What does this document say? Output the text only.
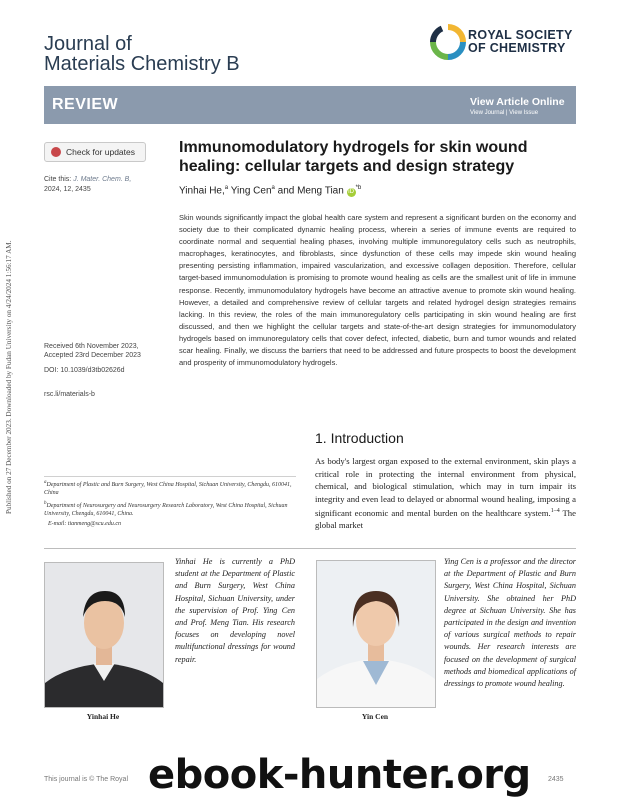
Published on 27 December 2023. Downloaded by Fudan University on 4/24/2024 1:56:17 AM.
Journal of
Materials Chemistry B
ROYAL SOCIETY
OF CHEMISTRY
REVIEW	View Article Online
View Journal | View Issue
Check for updates
Cite this: J. Mater. Chem. B,
2024, 12, 2435
Immunomodulatory hydrogels for skin wound healing: cellular targets and design strategy
Yinhai He,$^a$ Ying Cen$^a$ and Meng Tian $iD^{*b}$
Skin wounds significantly impact the global health care system and represent a significant burden on the economy and society due to their complicated dynamic healing process, wherein a series of immune events are required to coordinate normal and sequential healing phases, involving multiple immunoregulatory cells such as neutrophils, macrophages, keratinocytes, and fibroblasts, since dysfunction of these cells may impede skin wound healing presenting persisting inflammation, impaired vascularization, and excessive collagen deposition. Therefore, cellular target-based immunomodulation is promising to promote wound healing as cells are the smallest unit of life in immune response. Recently, immunomodulatory hydrogels have become an attractive avenue to promote skin wound healing. However, a detailed and comprehensive review of cellular targets and related hydrogel design strategies remains lacking. In this review, the roles of the main immunoregulatory cells participating in skin wound healing are first discussed, and then we highlight the cellular targets and state-of-the-art design strategies for immunomodulatory hydrogels based on immunoregulatory cells that cover defect, infected, diabetic, burn and tumor wounds and related scar healing. Finally, we discuss the barriers that need to be addressed and future prospects to boost the development and prosperity of immunomodulatory hydrogels.
Received 6th November 2023,
Accepted 23rd December 2023
DOI: 10.1039/d3tb02626d
rsc.li/materials-b
1. Introduction
As body's largest organ exposed to the external environment, skin plays a critical role in protecting the internal environment from physical, chemical, and biological stimulation, which may in turn impair its integrity and even lead to delayed or abnormal wound healing, imposing a significant economic and mental burden on the healthcare system.$^{1-4}$ The global market
$^a$Department of Plastic and Burn Surgery, West China Hospital, Sichuan University, Chengdu, 610041, China
$^b$Department of Neurosurgery and Neurosurgery Research Laboratory, West China Hospital, Sichuan University, Chengdu, 610041, China.
E-mail: tianmeng@scu.edu.cn
Yinhai He is currently a PhD student at the Department of Plastic and Burn Surgery, West China Hospital, Sichuan University, under the supervision of Prof. Ying Cen and Prof. Meng Tian. His research focuses on developing novel multifunctional dressings for wound repair.
Yinhai He
Ying Cen is a professor and the director at the Department of Plastic and Burn Surgery, West China Hospital, Sichuan University. She obtained her PhD degree at Sichuan University. She has participated in the design and invention of various surgical methods to repair wounds. Her research interests are focused on the development of surgical methods and biomedical applications of dressings to promote wound healing.
Yin Cen
This journal is © The Royal ebook-hunter.org 2435
